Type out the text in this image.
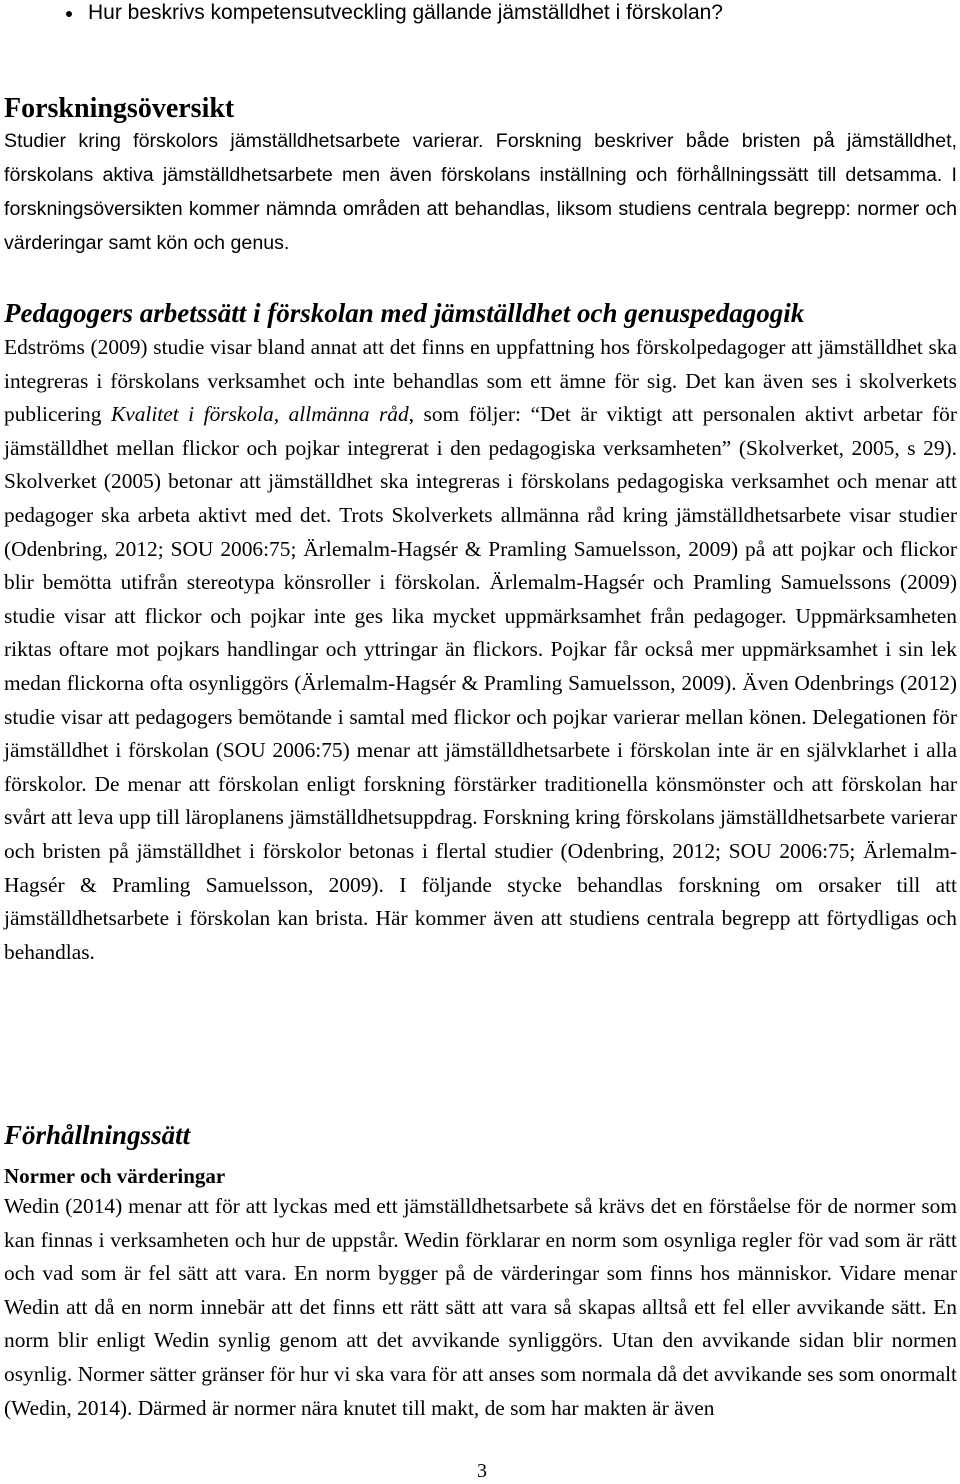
Hur beskrivs kompetensutveckling gällande jämställdhet i förskolan?
Forskningsöversikt

Studier kring förskolors jämställdhetsarbete varierar. Forskning beskriver både bristen på jämställdhet, förskolans aktiva jämställdhetsarbete men även förskolans inställning och förhållningssätt till detsamma. I forskningsöversikten kommer nämnda områden att behandlas, liksom studiens centrala begrepp: normer och värderingar samt kön och genus.

Pedagogers arbetssätt i förskolan med jämställdhet och genuspedagogik

Edströms (2009) studie visar bland annat att det finns en uppfattning hos förskolpedagoger att jämställdhet ska integreras i förskolans verksamhet och inte behandlas som ett ämne för sig. Det kan även ses i skolverkets publicering Kvalitet i förskola, allmänna råd, som följer: “Det är viktigt att personalen aktivt arbetar för jämställdhet mellan flickor och pojkar integrerat i den pedagogiska verksamheten” (Skolverket, 2005, s 29). Skolverket (2005) betonar att jämställdhet ska integreras i förskolans pedagogiska verksamhet och menar att pedagoger ska arbeta aktivt med det. Trots Skolverkets allmänna råd kring jämställdhetsarbete visar studier (Odenbring, 2012; SOU 2006:75; Ärlemalm-Hagsér & Pramling Samuelsson, 2009) på att pojkar och flickor blir bemötta utifrån stereotypa könsroller i förskolan. Ärlemalm-Hagsér och Pramling Samuelssons (2009) studie visar att flickor och pojkar inte ges lika mycket uppmärksamhet från pedagoger. Uppmärksamheten riktas oftare mot pojkars handlingar och yttringar än flickors. Pojkar får också mer uppmärksamhet i sin lek medan flickorna ofta osynliggörs (Ärlemalm-Hagsér & Pramling Samuelsson, 2009). Även Odenbrings (2012) studie visar att pedagogers bemötande i samtal med flickor och pojkar varierar mellan könen. Delegationen för jämställdhet i förskolan (SOU 2006:75) menar att jämställdhetsarbete i förskolan inte är en självklarhet i alla förskolor. De menar att förskolan enligt forskning förstärker traditionella könsmönster och att förskolan har svårt att leva upp till läroplanens jämställdhetsuppdrag. Forskning kring förskolans jämställdhetsarbete varierar och bristen på jämställdhet i förskolor betonas i flertal studier (Odenbring, 2012; SOU 2006:75; Ärlemalm-Hagsér & Pramling Samuelsson, 2009). I följande stycke behandlas forskning om orsaker till att jämställdhetsarbete i förskolan kan brista. Här kommer även att studiens centrala begrepp att förtydligas och behandlas.

Förhållningssätt
Normer och värderingar

Wedin (2014) menar att för att lyckas med ett jämställdhetsarbete så krävs det en förståelse för de normer som kan finnas i verksamheten och hur de uppstår. Wedin förklarar en norm som osynliga regler för vad som är rätt och vad som är fel sätt att vara. En norm bygger på de värderingar som finns hos människor. Vidare menar Wedin att då en norm innebär att det finns ett rätt sätt att vara så skapas alltså ett fel eller avvikande sätt. En norm blir enligt Wedin synlig genom att det avvikande synliggörs. Utan den avvikande sidan blir normen osynlig. Normer sätter gränser för hur vi ska vara för att anses som normala då det avvikande ses som onormalt (Wedin, 2014). Därmed är normer nära knutet till makt, de som har makten är även

3
